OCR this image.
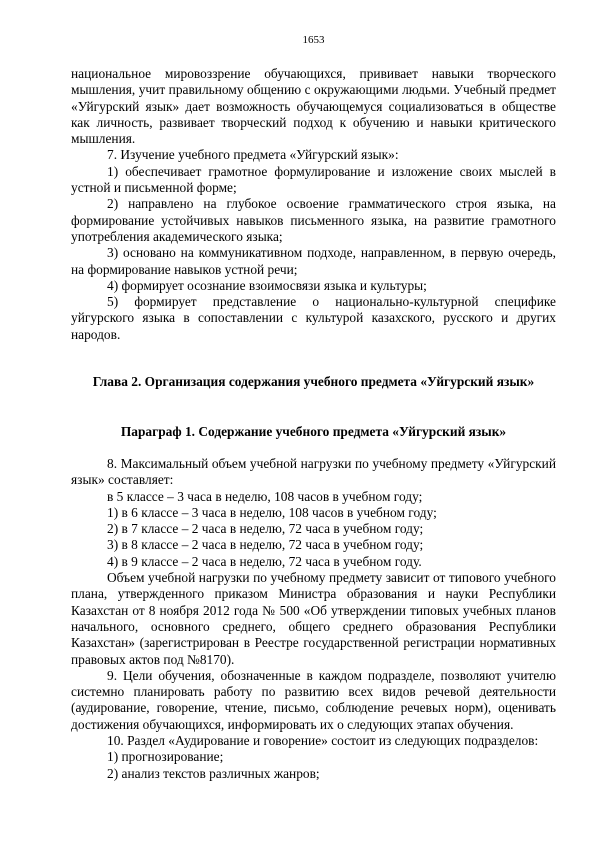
1653

национальное мировоззрение обучающихся, прививает навыки творческого мышления, учит правильному общению с окружающими людьми. Учебный предмет «Уйгурский язык» дает возможность обучающемуся социализоваться в обществе как личность, развивает творческий подход к обучению и навыки критического мышления.

7. Изучение учебного предмета «Уйгурский язык»:

1) обеспечивает грамотное формулирование и изложение своих мыслей в устной и письменной форме;

2) направлено на глубокое освоение грамматического строя языка, на формирование устойчивых навыков письменного языка, на развитие грамотного употребления академического языка;

3) основано на коммуникативном подходе, направленном, в первую очередь, на формирование навыков устной речи;

4) формирует осознание взоимосвязи языка и культуры;

5) формирует представление о национально-культурной специфике уйгурского языка в сопоставлении с культурой казахского, русского и других народов.

Глава 2. Организация содержания учебного предмета «Уйгурский язык»

Параграф 1. Содержание учебного предмета «Уйгурский язык»

8. Максимальный объем учебной нагрузки по учебному предмету «Уйгурский язык» составляет:

в 5 классе – 3 часа в неделю, 108 часов в учебном году;

1) в 6 классе – 3 часа в неделю, 108 часов в учебном году;

2) в 7 классе – 2 часа в неделю, 72 часа в учебном году;

3) в 8 классе – 2 часа в неделю, 72 часа в учебном году;

4) в 9 классе – 2 часа в неделю, 72 часа в учебном году.

Объем учебной нагрузки по учебному предмету зависит от типового учебного плана, утвержденного приказом Министра образования и науки Республики Казахстан от 8 ноября 2012 года № 500 «Об утверждении типовых учебных планов начального, основного среднего, общего среднего образования Республики Казахстан» (зарегистрирован в Реестре государственной регистрации нормативных правовых актов под №8170).

9. Цели обучения, обозначенные в каждом подразделе, позволяют учителю системно планировать работу по развитию всех видов речевой деятельности (аудирование, говорение, чтение, письмо, соблюдение речевых норм), оценивать достижения обучающихся, информировать их о следующих этапах обучения.

10. Раздел «Аудирование и говорение» состоит из следующих подразделов:

1) прогнозирование;

2) анализ текстов различных жанров;
